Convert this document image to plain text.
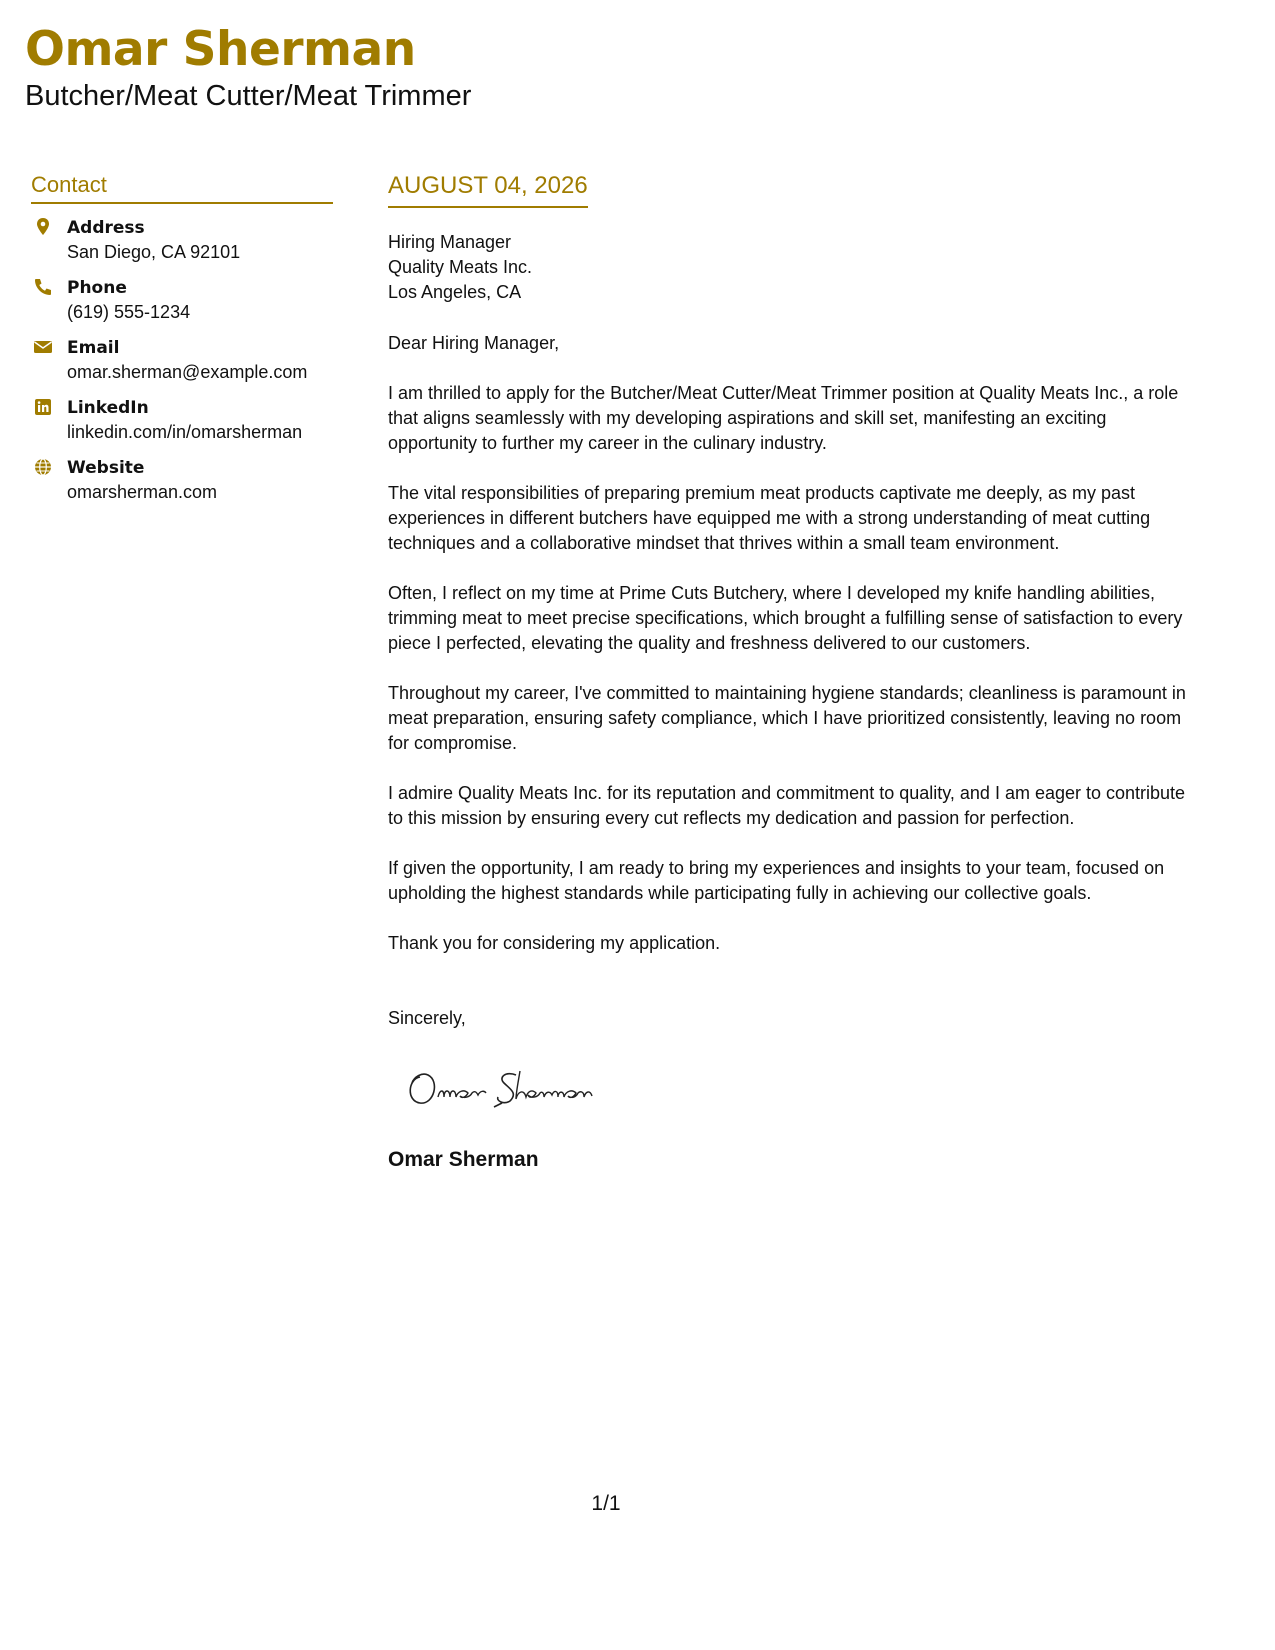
Omar Sherman
Butcher/Meat Cutter/Meat Trimmer
Contact
Address
San Diego, CA 92101
Phone
(619) 555-1234
Email
omar.sherman@example.com
LinkedIn
linkedin.com/in/omarsherman
Website
omarsherman.com
AUGUST 04, 2026
Hiring Manager
Quality Meats Inc.
Los Angeles, CA

Dear Hiring Manager,

I am thrilled to apply for the Butcher/Meat Cutter/Meat Trimmer position at Quality Meats Inc., a role that aligns seamlessly with my developing aspirations and skill set, manifesting an exciting opportunity to further my career in the culinary industry.

The vital responsibilities of preparing premium meat products captivate me deeply, as my past experiences in different butchers have equipped me with a strong understanding of meat cutting techniques and a collaborative mindset that thrives within a small team environment.

Often, I reflect on my time at Prime Cuts Butchery, where I developed my knife handling abilities, trimming meat to meet precise specifications, which brought a fulfilling sense of satisfaction to every piece I perfected, elevating the quality and freshness delivered to our customers.

Throughout my career, I've committed to maintaining hygiene standards; cleanliness is paramount in meat preparation, ensuring safety compliance, which I have prioritized consistently, leaving no room for compromise.

I admire Quality Meats Inc. for its reputation and commitment to quality, and I am eager to contribute to this mission by ensuring every cut reflects my dedication and passion for perfection.

If given the opportunity, I am ready to bring my experiences and insights to your team, focused on upholding the highest standards while participating fully in achieving our collective goals.

Thank you for considering my application.

Sincerely,
Omar Sherman
1/1
